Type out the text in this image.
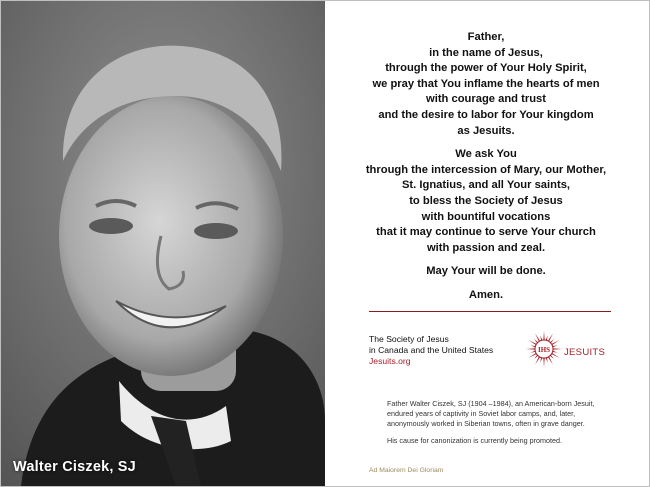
Walter Ciszek, SJ
Father,
in the name of Jesus,
through the power of Your Holy Spirit,
we pray that You inflame the hearts of men
with courage and trust
and the desire to labor for Your kingdom
as Jesuits.
We ask You
through the intercession of Mary, our Mother,
St. Ignatius, and all Your saints,
to bless the Society of Jesus
with bountiful vocations
that it may continue to serve Your church
with passion and zeal.
May Your will be done.
Amen.
The Society of Jesus
in Canada and the United States
Jesuits.org
IHS JESUITS

Father Walter Ciszek, SJ (1904 –1984), an American-born Jesuit, endured years of captivity in Soviet labor camps, and, later, anonymously worked in Siberian towns, often in grave danger.

His cause for canonization is currently being promoted.

Ad Maiorem Dei Gloriam
